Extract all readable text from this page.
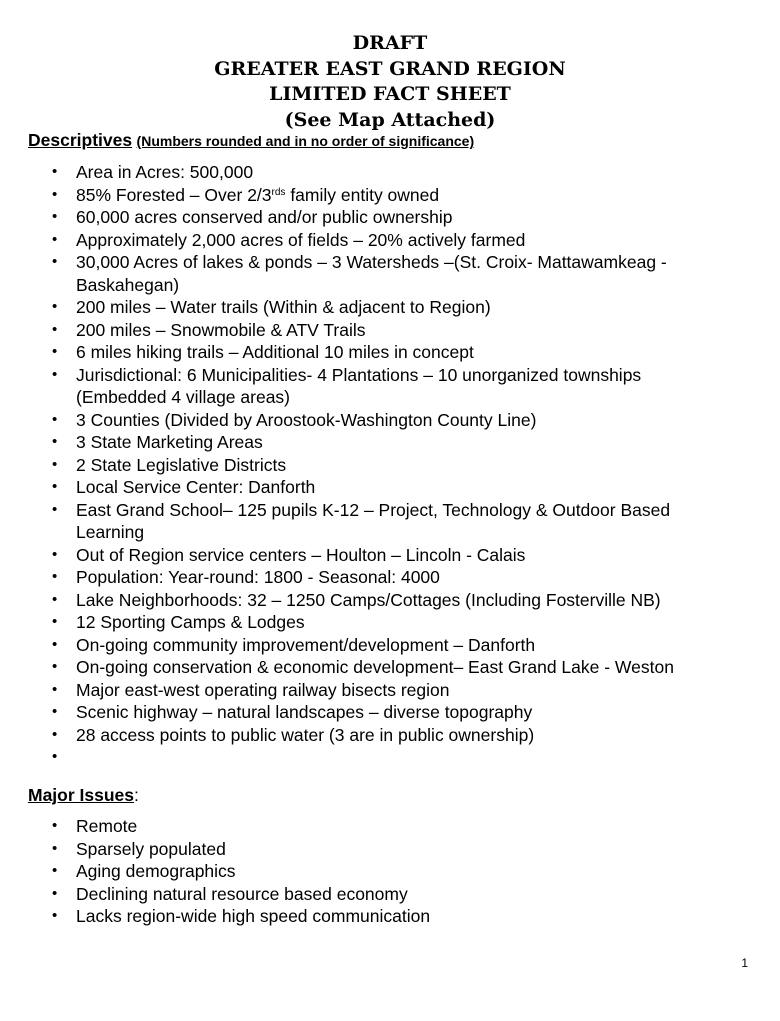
DRAFT
GREATER EAST GRAND REGION
LIMITED FACT SHEET
(See Map Attached)
Descriptives (Numbers rounded and in no order of significance)
• Area in Acres: 500,000
• 85% Forested – Over $2/3^{rds}$ family entity owned
• 60,000 acres conserved and/or public ownership
• Approximately 2,000 acres of fields – 20% actively farmed
• 30,000 Acres of lakes & ponds – 3 Watersheds –(St. Croix- Mattawamkeag - Baskahegan)
• 200 miles – Water trails (Within & adjacent to Region)
• 200 miles – Snowmobile & ATV Trails
• 6 miles hiking trails – Additional 10 miles in concept
• Jurisdictional: 6 Municipalities- 4 Plantations – 10 unorganized townships (Embedded 4 village areas)
• 3 Counties (Divided by Aroostook-Washington County Line)
• 3 State Marketing Areas
• 2 State Legislative Districts
• Local Service Center: Danforth
• East Grand School– 125 pupils K-12 – Project, Technology & Outdoor Based Learning
• Out of Region service centers – Houlton – Lincoln - Calais
• Population: Year-round: 1800 - Seasonal: 4000
• Lake Neighborhoods: 32 – 1250 Camps/Cottages (Including Fosterville NB)
• 12 Sporting Camps & Lodges
• On-going community improvement/development – Danforth
• On-going conservation & economic development– East Grand Lake - Weston
• Major east-west operating railway bisects region
• Scenic highway – natural landscapes – diverse topography
• 28 access points to public water (3 are in public ownership)
•
Major Issues:
• Remote
• Sparsely populated
• Aging demographics
• Declining natural resource based economy
• Lacks region-wide high speed communication
1
